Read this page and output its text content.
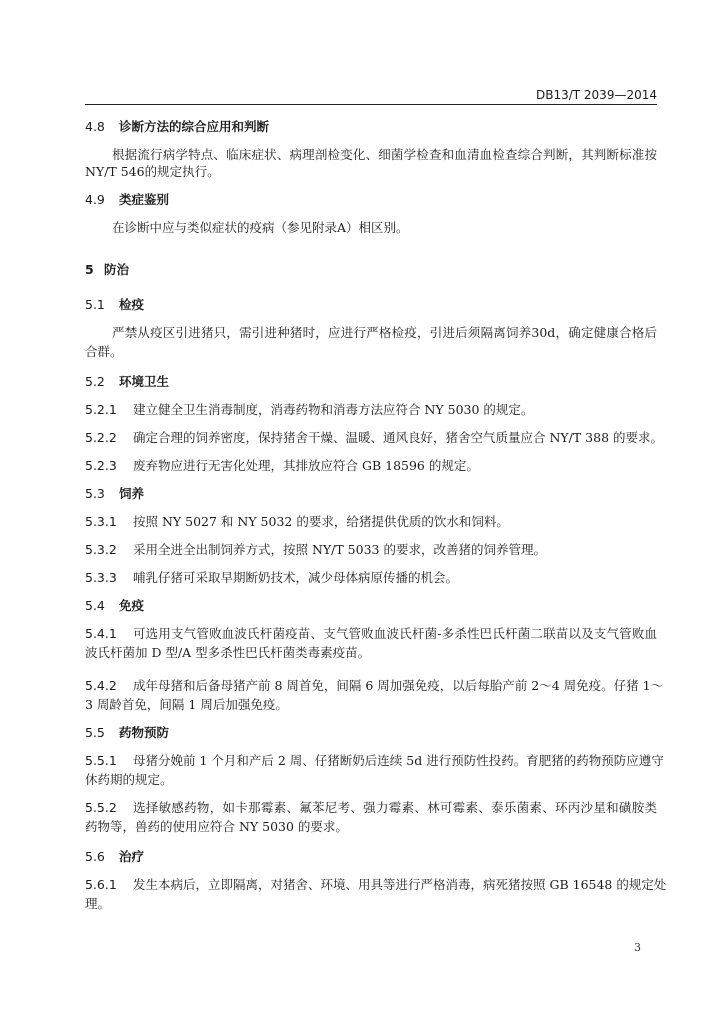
DB13/T 2039—2014
4.8 诊断方法的综合应用和判断
根据流行病学特点、临床症状、病理剖检变化、细菌学检查和血清血检查综合判断，其判断标准按
NY/T 546的规定执行。
4.9 类症鉴别
在诊断中应与类似症状的疫病（参见附录A）相区别。
5 防治
5.1 检疫
严禁从疫区引进猪只，需引进种猪时，应进行严格检疫，引进后须隔离饲养30d，确定健康合格后
合群。
5.2 环境卫生
5.2.1 建立健全卫生消毒制度，消毒药物和消毒方法应符合 NY 5030 的规定。
5.2.2 确定合理的饲养密度，保持猪舍干燥、温暖、通风良好，猪舍空气质量应合 NY/T 388 的要求。
5.2.3 废弃物应进行无害化处理，其排放应符合 GB 18596 的规定。
5.3 饲养
5.3.1 按照 NY 5027 和 NY 5032 的要求，给猪提供优质的饮水和饲料。
5.3.2 采用全进全出制饲养方式，按照 NY/T 5033 的要求，改善猪的饲养管理。
5.3.3 哺乳仔猪可采取早期断奶技术，减少母体病原传播的机会。
5.4 免疫
5.4.1 可选用支气管败血波氏杆菌疫苗、支气管败血波氏杆菌-多杀性巴氏杆菌二联苗以及支气管败血
波氏杆菌加 D 型/A 型多杀性巴氏杆菌类毒素疫苗。
5.4.2 成年母猪和后备母猪产前 8 周首免，间隔 6 周加强免疫，以后每胎产前 2～4 周免疫。仔猪 1～
3 周龄首免，间隔 1 周后加强免疫。
5.5 药物预防
5.5.1 母猪分娩前 1 个月和产后 2 周、仔猪断奶后连续 5d 进行预防性投药。育肥猪的药物预防应遵守
休药期的规定。
5.5.2 选择敏感药物，如卡那霉素、氟苯尼考、强力霉素、林可霉素、泰乐菌素、环丙沙星和磺胺类
药物等，兽药的使用应符合 NY 5030 的要求。
5.6 治疗
5.6.1 发生本病后，立即隔离，对猪舍、环境、用具等进行严格消毒，病死猪按照 GB 16548 的规定处
理。
3
